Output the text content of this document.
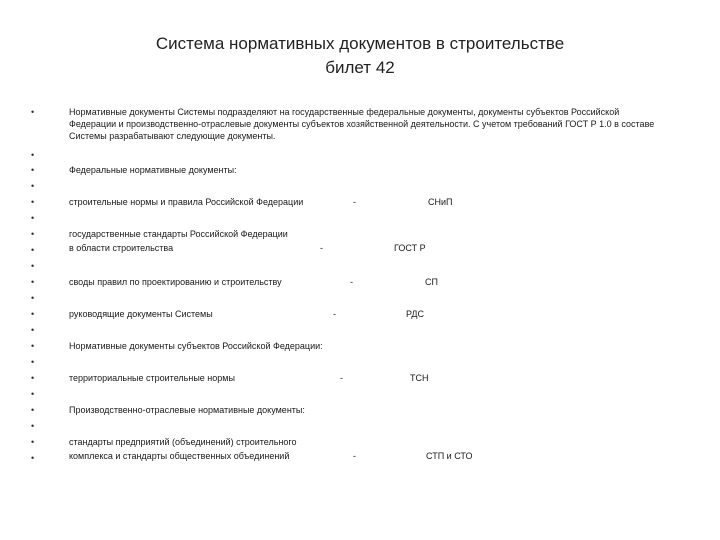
Система нормативных документов в строительстве
билет 42
•
•
•
•
•
•
•
•
•
•
•
•
•
•
•
•
•
•
•
•
•
Нормативные документы Системы подразделяют на государственные федеральные документы, документы субъектов Российской Федерации и производственно-отраслевые документы субъектов хозяйственной деятельности. С учетом требований ГОСТ Р 1.0 в составе Системы разрабатывают следующие документы.
Федеральные нормативные документы:
строительные нормы и правила Российской Федерации	-	СНиП
государственные стандарты Российской Федерации
в области строительства	-	ГОСТ Р
своды правил по проектированию и строительству	-	СП
руководящие документы Системы	-	РДС
Нормативные документы субъектов Российской Федерации:
территориальные строительные нормы	-	ТСН
Производственно-отраслевые нормативные документы:
стандарты предприятий (объединений) строительного
комплекса и стандарты общественных объединений	-	СТП и СТО
